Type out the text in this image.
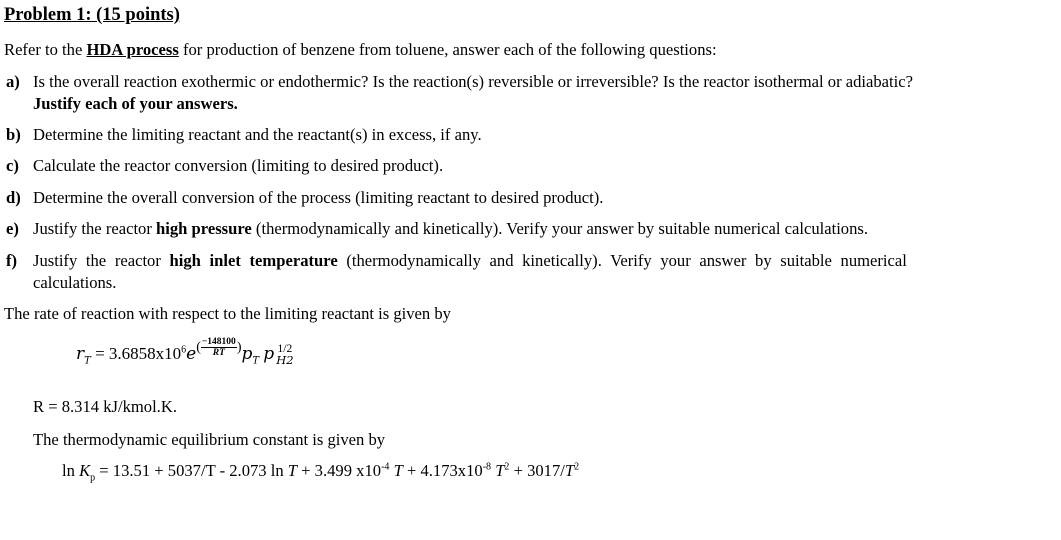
Problem 1: (15 points)
Refer to the HDA process for production of benzene from toluene, answer each of the following questions:
a) Is the overall reaction exothermic or endothermic? Is the reaction(s) reversible or irreversible? Is the reactor isothermal or adiabatic?
Justify each of your answers.
b) Determine the limiting reactant and the reactant(s) in excess, if any.
c) Calculate the reactor conversion (limiting to desired product).
d) Determine the overall conversion of the process (limiting reactant to desired product).
e) Justify the reactor high pressure (thermodynamically and kinetically). Verify your answer by suitable numerical calculations.
f) Justify the reactor high inlet temperature (thermodynamically and kinetically). Verify your answer by suitable numerical
calculations.
The rate of reaction with respect to the limiting reactant is given by
$r_T = 3.6858x10^6e^( \frac{-148100}{RT} ^)p_T$ p 1/2
H2
R = 8.314 kJ/kmol.K.
The thermodynamic equilibrium constant is given by
$\ln K_p = 13.51 + 5037/T - 2.073$ ln T + 3.499 $x10^{-4}$ $T + 4.173x10^{-8}$ $T^2 + 3017/T^2$
